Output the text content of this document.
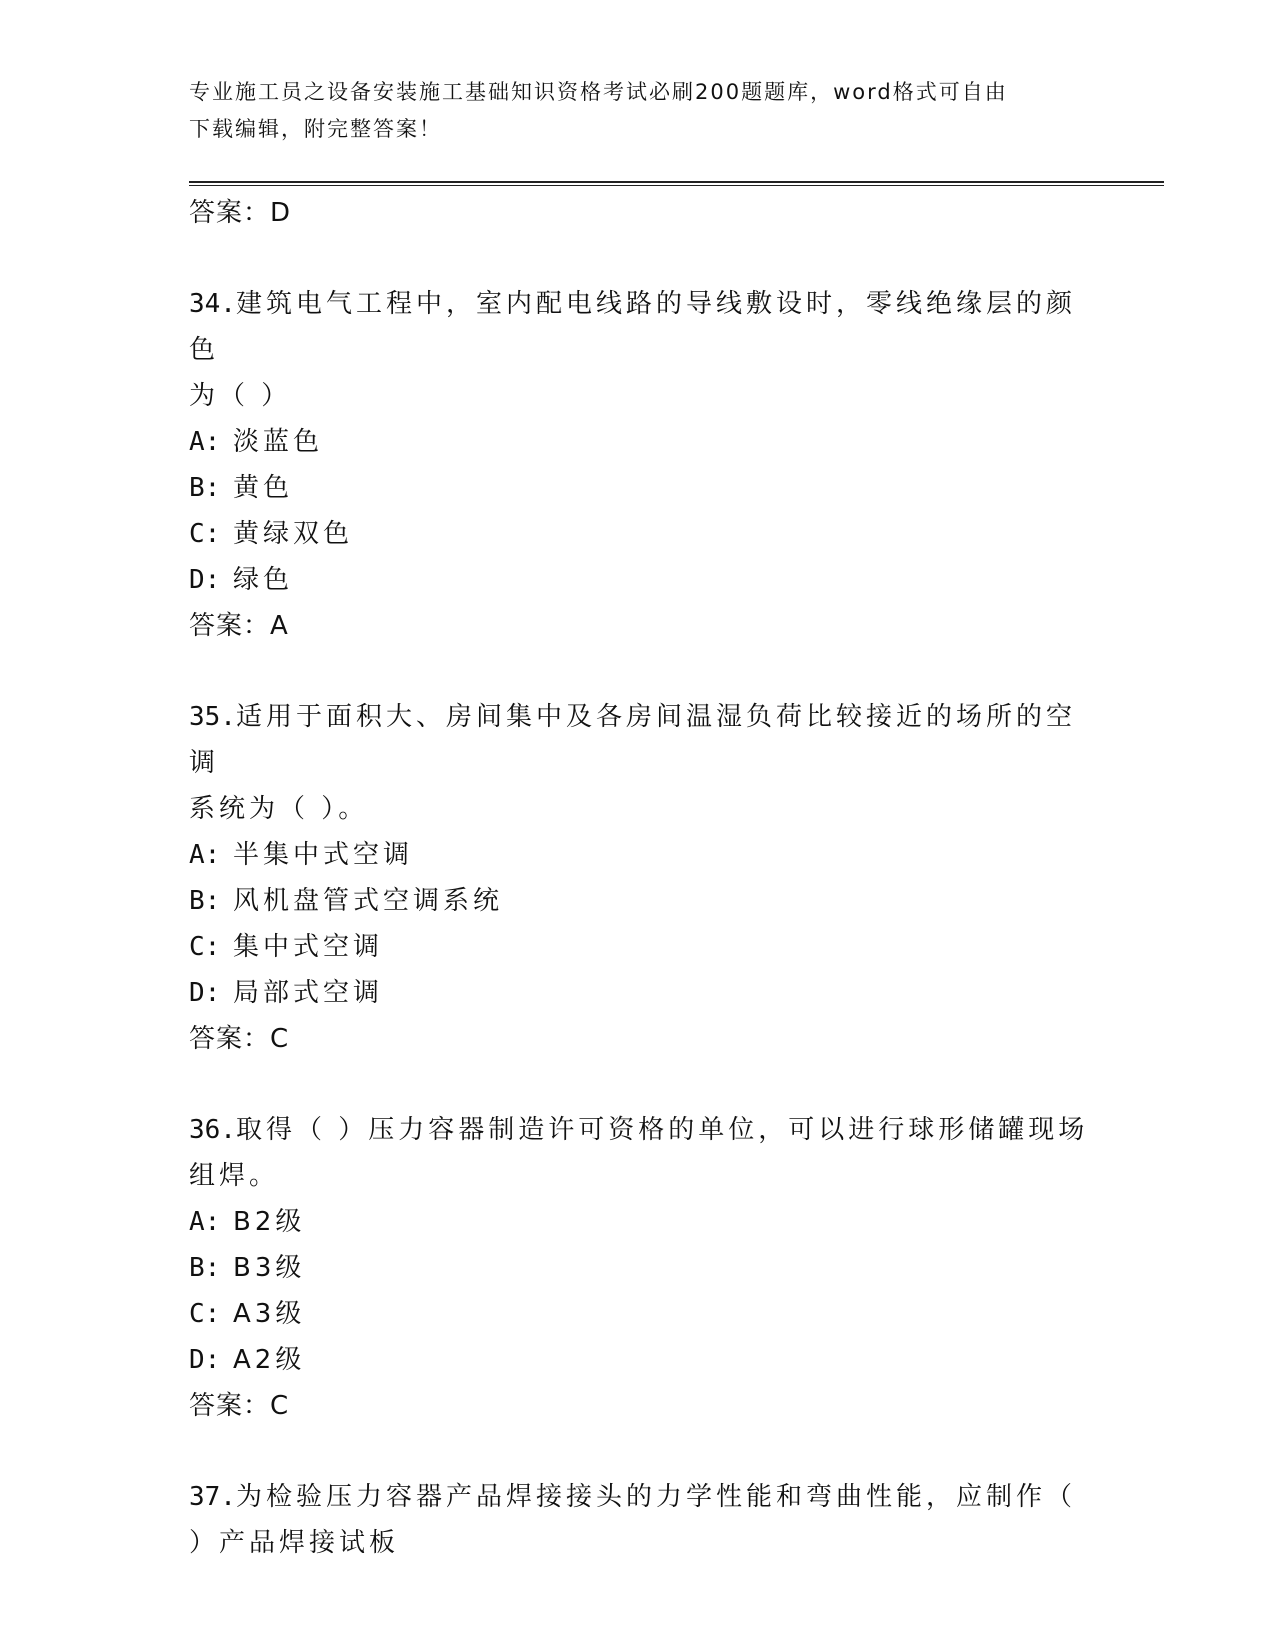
专业施工员之设备安装施工基础知识资格考试必刷200题题库，word格式可自由
下载编辑，附完整答案！
答案：D
34.建筑电气工程中，室内配电线路的导线敷设时，零线绝缘层的颜色
为（ ）
A: 淡蓝色
B: 黄色
C: 黄绿双色
D: 绿色
答案：A
35.适用于面积大、房间集中及各房间温湿负荷比较接近的场所的空调
系统为（ ）。
A: 半集中式空调
B: 风机盘管式空调系统
C: 集中式空调
D: 局部式空调
答案：C
36.取得（ ）压力容器制造许可资格的单位，可以进行球形储罐现场
组焊。
A: B2级
B: B3级
C: A3级
D: A2级
答案：C
37.为检验压力容器产品焊接接头的力学性能和弯曲性能，应制作（
）产品焊接试板
